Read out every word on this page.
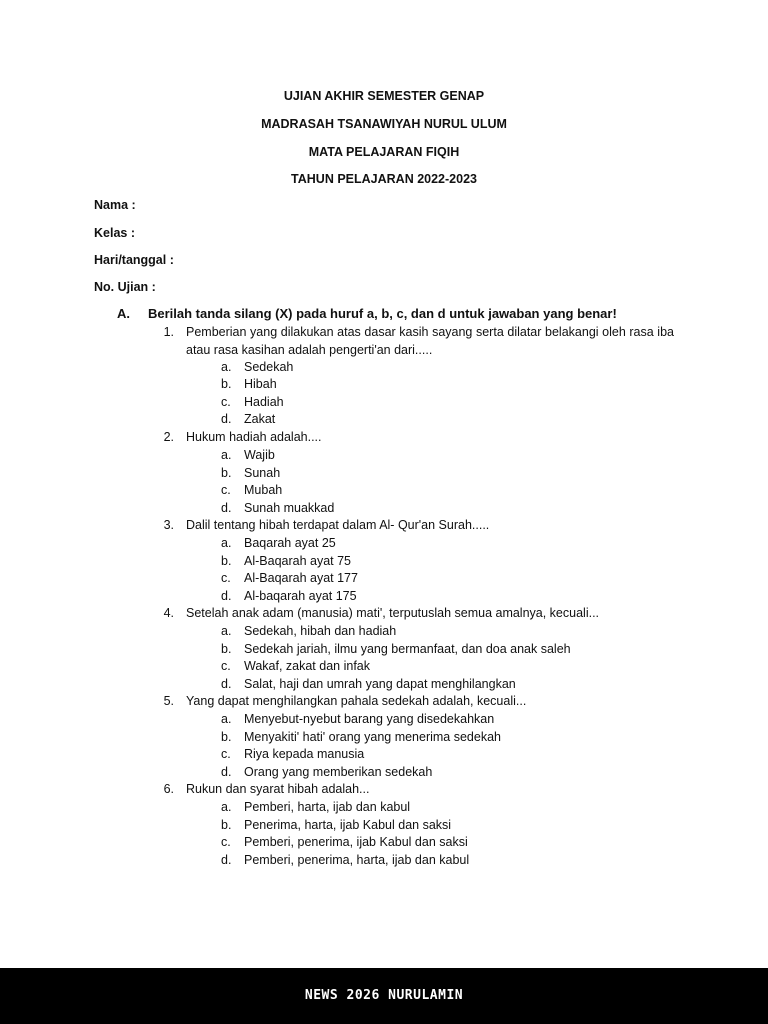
UJIAN AKHIR SEMESTER GENAP
MADRASAH TSANAWIYAH NURUL ULUM
MATA PELAJARAN FIQIH
TAHUN PELAJARAN 2022-2023
Nama :
Kelas :
Hari/tanggal :
No. Ujian :
A. Berilah tanda silang (X) pada huruf a, b, c, dan d untuk jawaban yang benar!
1. Pemberian yang dilakukan atas dasar kasih sayang serta dilatar belakangi oleh rasa iba atau rasa kasihan adalah pengerti'an dari.....
a. Sedekah
b. Hibah
c. Hadiah
d. Zakat
2. Hukum hadiah adalah....
a. Wajib
b. Sunah
c. Mubah
d. Sunah muakkad
3. Dalil tentang hibah terdapat dalam Al- Qur'an Surah.....
a. Baqarah ayat 25
b. Al-Baqarah ayat 75
c. Al-Baqarah ayat 177
d. Al-baqarah ayat 175
4. Setelah anak adam (manusia) mati', terputuslah semua amalnya, kecuali...
a. Sedekah, hibah dan hadiah
b. Sedekah jariah, ilmu yang bermanfaat, dan doa anak saleh
c. Wakaf, zakat dan infak
d. Salat, haji dan umrah yang dapat menghilangkan
5. Yang dapat menghilangkan pahala sedekah adalah, kecuali...
a. Menyebut-nyebut barang yang disedekahkan
b. Menyakiti' hati' orang yang menerima sedekah
c. Riya kepada manusia
d. Orang yang memberikan sedekah
6. Rukun dan syarat hibah adalah...
a. Pemberi, harta, ijab dan kabul
b. Penerima, harta, ijab Kabul dan saksi
c. Pemberi, penerima, ijab Kabul dan saksi
d. Pemberi, penerima, harta, ijab dan kabul
NEWS 2026 NURULAMIN
